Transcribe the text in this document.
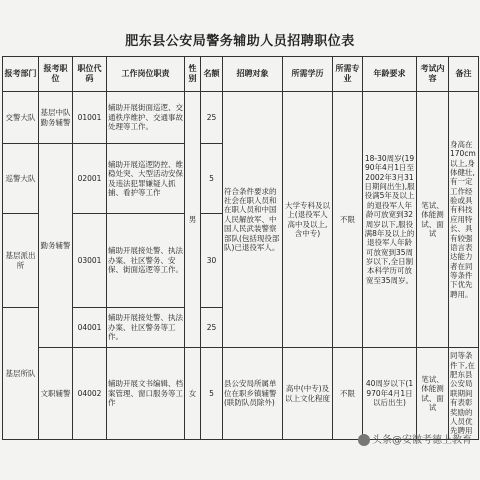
肥东县公安局警务辅助人员招聘职位表
报考部门	报考职位	职位代码	工作岗位职责	性别	名额	招聘对象	所需学历	所需专业	年龄要求	考试内容	备注
交警大队	基层中队勤务辅警	01001	辅助开展街面巡逻、交通秩序维护、交通事故处理等工作。	男	25	符合条件要求的社会在职人员和在职人员和中国人民解放军、中国人民武装警察部队(包括现役部队)已退役军人。	大学专科及以上(退役军人高中及以上,含中专)	不限	18-30周岁(1990年4月1日至2002年3月31日期间出生),服役满5年及以上的退役军人年龄可放宽到32周岁以下,服役满8年及以上的退役军人年龄可放宽到35周岁以下,全日制本科学历可放宽至35周岁。	笔试、体能测试、面试	身高在170cm以上,身体健壮,有一定工作经验或具有科技应用特长、具有较强语言表达能力者在同等条件下优先聘用。
巡警大队	勤务辅警	02001	辅助开展巡逻防控、维稳处突、大型活动安保及违法犯罪嫌疑人抓捕、看护等工作		5						
基层派出所		03001	辅助开展接处警、执法办案、社区警务、安保、街面巡逻等工作。		30						
基层所队		04001	辅助开展接处警、执法办案、社区警务等工作。		25						
	文职辅警	04002	辅助开展文书编辑、档案管理、窗口服务等工作	女	5	县公安局所属单位在职乡镇辅警(联防队员除外)	高中(中专)及以上文化程度	不限	40周岁以下(1970年4月1日以后出生)	笔试、体能测试、面试	同等条件下,在肥东县公安局联期间有表彰奖励的人员优先聘用
头条@安徽考德上教育
